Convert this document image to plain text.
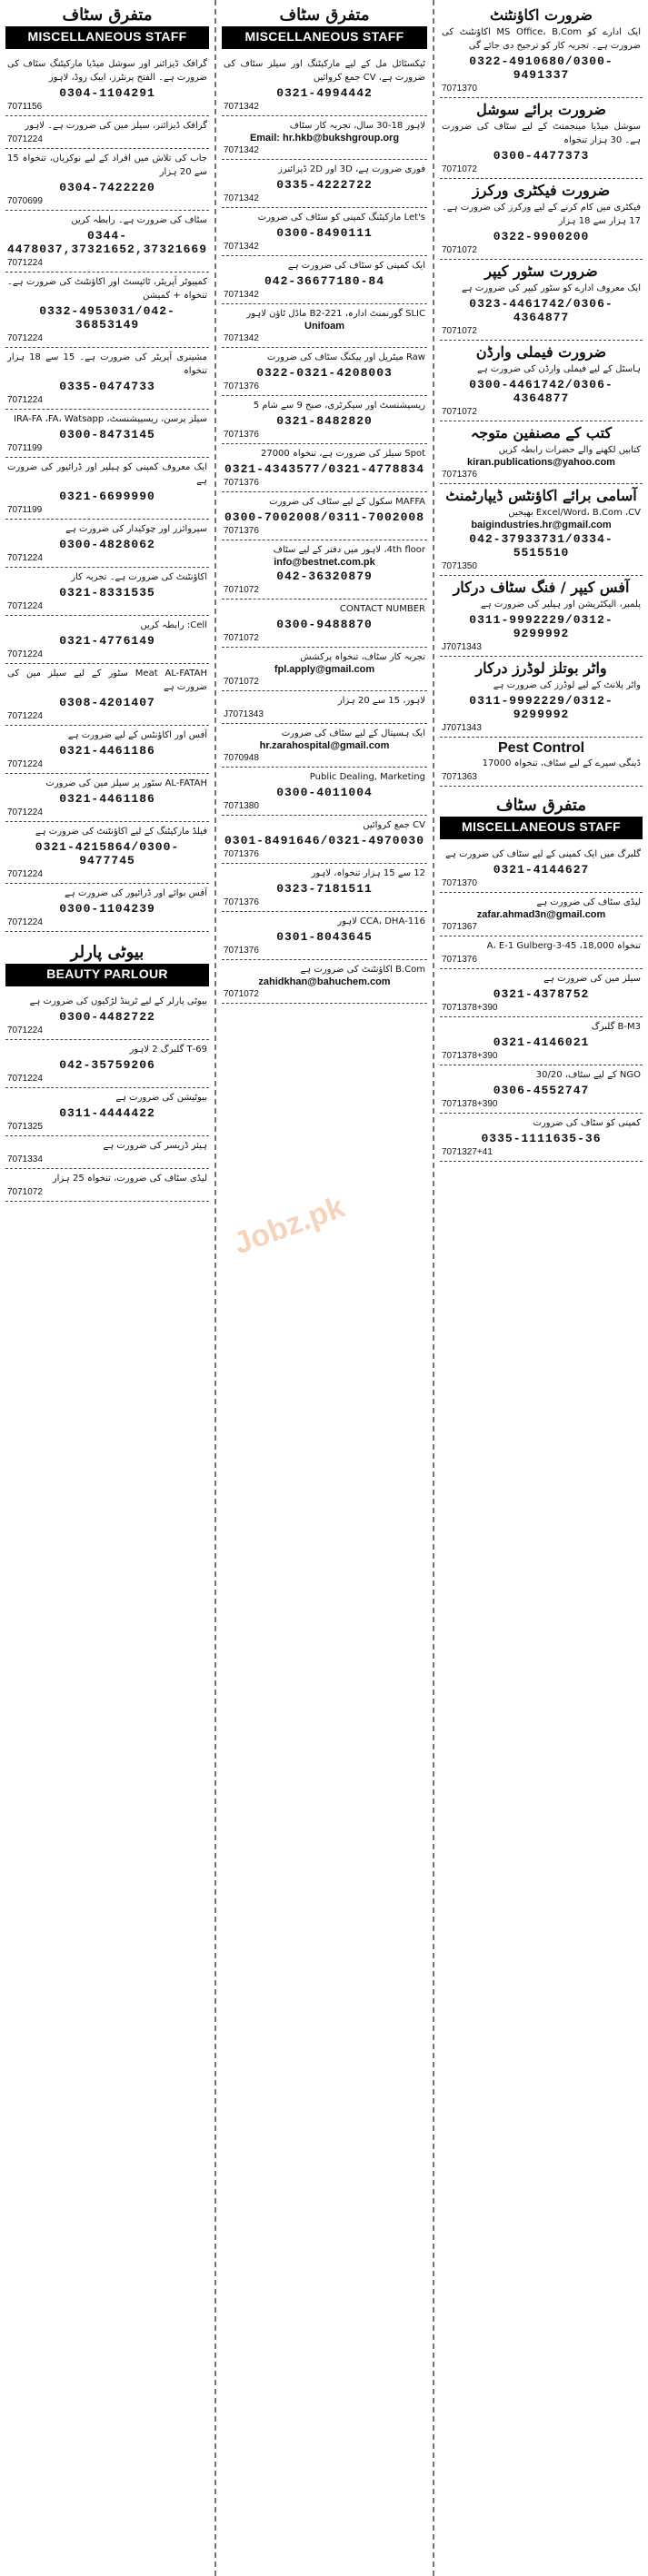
متفرق سٹاف
MISCELLANEOUS STAFF
گرافک ڈیزائنر اور سوشل میڈیا مارکیٹنگ سٹاف کی ضرورت ہے۔ الفتح پرنٹرز، ایبک روڈ، لاہور
0304-1104291
7071156
گرافک ڈیزائنر، سیلز مین کی ضرورت ہے۔ لاہور
7071224
جاب کی تلاش میں افراد کے لیے نوکریاں، تنخواہ 15 سے 20 ہزار
0304-7422220
7070699
سٹاف کی ضرورت ہے۔ رابطہ کریں
0344-4478037,37321652,37321669
7071224
کمپیوٹر آپریٹر، ٹائپسٹ اور اکاؤنٹنٹ کی ضرورت ہے۔ تنخواہ + کمیشن
0332-4953031/042-36853149
7071224
مشینری آپریٹر کی ضرورت ہے۔ 15 سے 18 ہزار تنخواہ
0335-0474733
7071224
سیلز پرسن، ریسیپشنسٹ، IRA-FA ،FA، Watsapp
0300-8473145
7071199
ایک معروف کمپنی کو ہیلپر اور ڈرائیور کی ضرورت ہے
0321-6699990
7071199
سپروائزر اور چوکیدار کی ضرورت ہے
0300-4828062
7071224
اکاؤنٹنٹ کی ضرورت ہے۔ تجربہ کار
0321-8331535
7071224
Cell: رابطہ کریں
0321-4776149
7071224
Meat AL-FATAH سٹور کے لیے سیلز مین کی ضرورت ہے
0308-4201407
7071224
آفس اور اکاؤنٹس کے لیے ضرورت ہے
0321-4461186
7071224
AL-FATAH سٹور پر سیلز مین کی ضرورت
0321-4461186
7071224
فیلڈ مارکیٹنگ کے لیے اکاؤنٹنٹ کی ضرورت ہے
0321-4215864/0300-9477745
7071224
آفس بوائے اور ڈرائیور کی ضرورت ہے
0300-1104239
7071224
بیوٹی پارلر
BEAUTY PARLOUR
بیوٹی پارلر کے لیے ٹرینڈ لڑکیوں کی ضرورت ہے
0300-4482722
7071224
69-T گلبرگ 2 لاہور
042-35759206
7071224
بیوٹیشن کی ضرورت ہے
0311-4444422
7071325
ہیئر ڈریسر کی ضرورت ہے
7071334
لیڈی سٹاف کی ضرورت، تنخواہ 25 ہزار
7071072
متفرق سٹاف
MISCELLANEOUS STAFF
ٹیکسٹائل مل کے لیے مارکیٹنگ اور سیلز سٹاف کی ضرورت ہے، CV جمع کروائیں
0321-4994442
7071342
لاہور 18-30 سال، تجربہ کار سٹاف
Email: hr.hkb@bukshgroup.org
7071342
فوری ضرورت ہے، 3D اور 2D ڈیزائنرز
0335-4222722
7071342
Let's مارکیٹنگ کمپنی کو سٹاف کی ضرورت
0300-8490111
7071342
ایک کمپنی کو سٹاف کی ضرورت ہے
042-36677180-84
7071342
SLIC گورنمنٹ ادارہ، 221-B2 ماڈل ٹاؤن لاہور
Unifoam
7071342
Raw میٹریل اور پیکنگ سٹاف کی ضرورت
0322-0321-4208003
7071376
ریسپشنسٹ اور سیکرٹری، صبح 9 سے شام 5
0321-8482820
7071376
Spot سیلز کی ضرورت ہے، تنخواہ 27000
0321-4343577/0321-4778834
7071376
MAFFA سکول کے لیے سٹاف کی ضرورت
0300-7002008/0311-7002008
7071376
4th floor، لاہور میں دفتر کے لیے سٹاف
info@bestnet.com.pk
042-36320879
7071072
CONTACT NUMBER
0300-9488870
7071072
تجربہ کار سٹاف، تنخواہ پرکشش
fpl.apply@gmail.com
7071072
لاہور، 15 سے 20 ہزار
J7071343
ایک ہسپتال کے لیے سٹاف کی ضرورت
hr.zarahospital@gmail.com
7070948
Public Dealing, Marketing
0300-4011004
7071380
CV جمع کروائیں
0301-8491646/0321-4970030
7071376
12 سے 15 ہزار تنخواہ، لاہور
0323-7181511
7071376
116-CCA، DHA لاہور
0301-8043645
7071376
B.Com اکاؤنٹنٹ کی ضرورت ہے
zahidkhan@bahuchem.com
7071072
ضرورت اکاؤنٹنٹ
ایک ادارے کو MS Office، B.Com اکاؤنٹنٹ کی ضرورت ہے۔ تجربہ کار کو ترجیح دی جائے گی
0322-4910680/0300-9491337
7071370
ضرورت برائے سوشل
سوشل میڈیا مینجمنٹ کے لیے سٹاف کی ضرورت ہے۔ 30 ہزار تنخواہ
0300-4477373
7071072
ضرورت فیکٹری ورکرز
فیکٹری میں کام کرنے کے لیے ورکرز کی ضرورت ہے۔ 17 ہزار سے 18 ہزار
0322-9900200
7071072
ضرورت سٹور کیپر
ایک معروف ادارے کو سٹور کیپر کی ضرورت ہے
0323-4461742/0306-4364877
7071072
ضرورت فیملی وارڈن
ہاسٹل کے لیے فیملی وارڈن کی ضرورت ہے
0300-4461742/0306-4364877
7071072
کتب کے مصنفین متوجہ
کتابیں لکھنے والے حضرات رابطہ کریں
kiran.publications@yahoo.com
7071376
آسامی برائے اکاؤنٹس ڈیپارٹمنٹ
Excel/Word، B.Com ،CV بھیجیں
baigindustries.hr@gmail.com
042-37933731/0334-5515510
7071350
آفس کیپر / فنگ سٹاف درکار
پلمبر، الیکٹریشن اور ہیلپر کی ضرورت ہے
0311-9992229/0312-9299992
J7071343
واٹر بوتلز لوڈرز درکار
واٹر پلانٹ کے لیے لوڈرز کی ضرورت ہے
0311-9992229/0312-9299992
J7071343
Pest Control
ڈینگی سپرے کے لیے سٹاف، تنخواہ 17000
7071363
متفرق سٹاف
MISCELLANEOUS STAFF
گلبرگ میں ایک کمپنی کے لیے سٹاف کی ضرورت ہے
0321-4144627
7071370
لیڈی سٹاف کی ضرورت ہے
zafar.ahmad3n@gmail.com
7071367
تنخواہ 18,000، 45-A، E-1 Gulberg-3
7071376
سیلز مین کی ضرورت ہے
0321-4378752
7071378+390
B-M3 گلبرگ
0321-4146021
7071378+390
NGO کے لیے سٹاف، 30/20
0306-4552747
7071378+390
کمپنی کو سٹاف کی ضرورت
0335-1111635-36
7071327+41
Jobz.pk
